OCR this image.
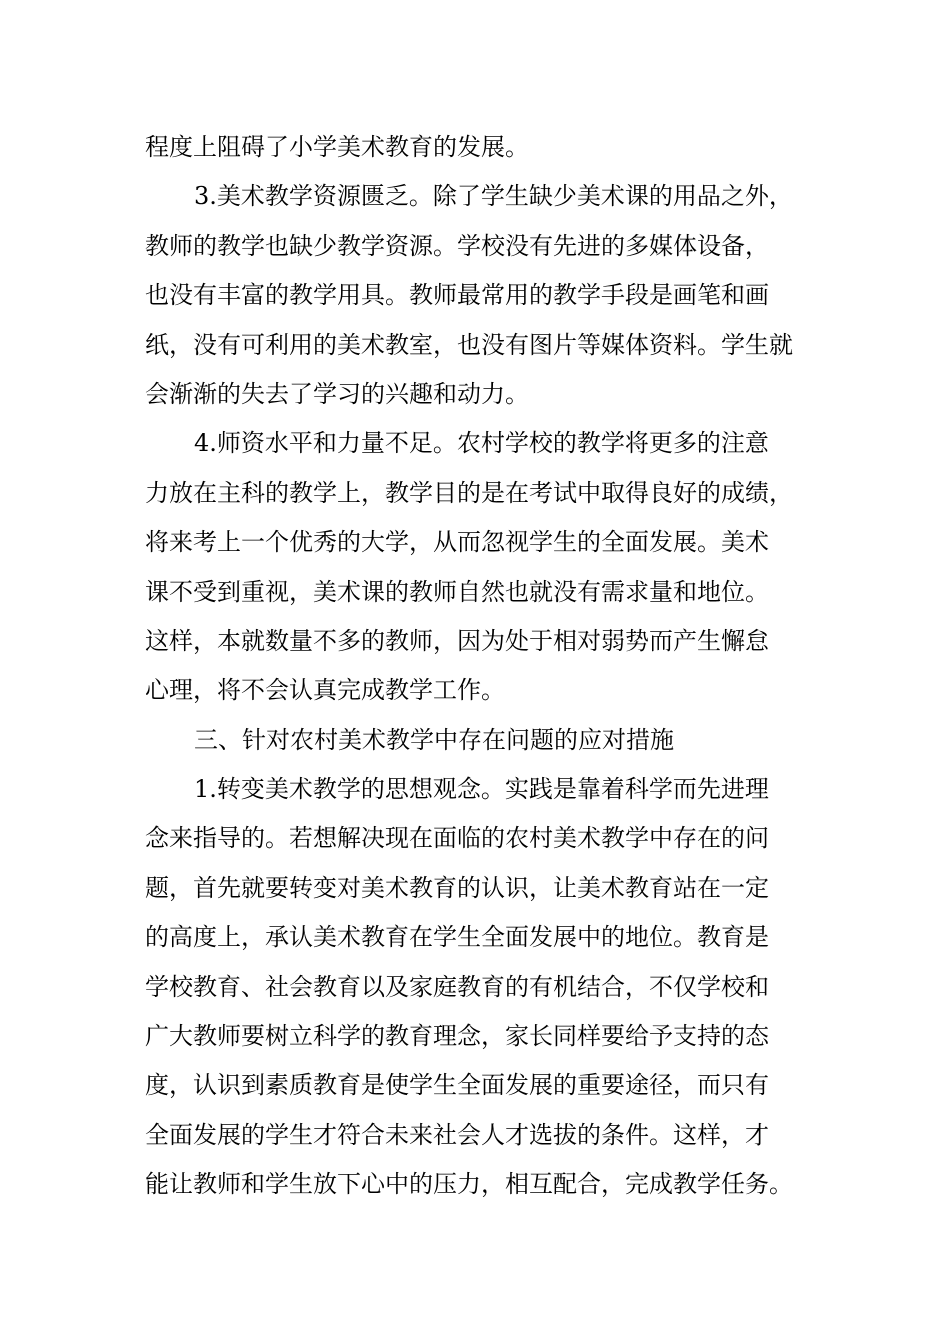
程度上阻碍了小学美术教育的发展。
3.美术教学资源匮乏。除了学生缺少美术课的用品之外，
教师的教学也缺少教学资源。学校没有先进的多媒体设备，
也没有丰富的教学用具。教师最常用的教学手段是画笔和画
纸，没有可利用的美术教室，也没有图片等媒体资料。学生就
会渐渐的失去了学习的兴趣和动力。
4.师资水平和力量不足。农村学校的教学将更多的注意
力放在主科的教学上，教学目的是在考试中取得良好的成绩，
将来考上一个优秀的大学，从而忽视学生的全面发展。美术
课不受到重视，美术课的教师自然也就没有需求量和地位。
这样，本就数量不多的教师，因为处于相对弱势而产生懈怠
心理，将不会认真完成教学工作。
三、针对农村美术教学中存在问题的应对措施
1.转变美术教学的思想观念。实践是靠着科学而先进理
念来指导的。若想解决现在面临的农村美术教学中存在的问
题，首先就要转变对美术教育的认识，让美术教育站在一定
的高度上，承认美术教育在学生全面发展中的地位。教育是
学校教育、社会教育以及家庭教育的有机结合，不仅学校和
广大教师要树立科学的教育理念，家长同样要给予支持的态
度，认识到素质教育是使学生全面发展的重要途径，而只有
全面发展的学生才符合未来社会人才选拔的条件。这样，才
能让教师和学生放下心中的压力，相互配合，完成教学任务。
